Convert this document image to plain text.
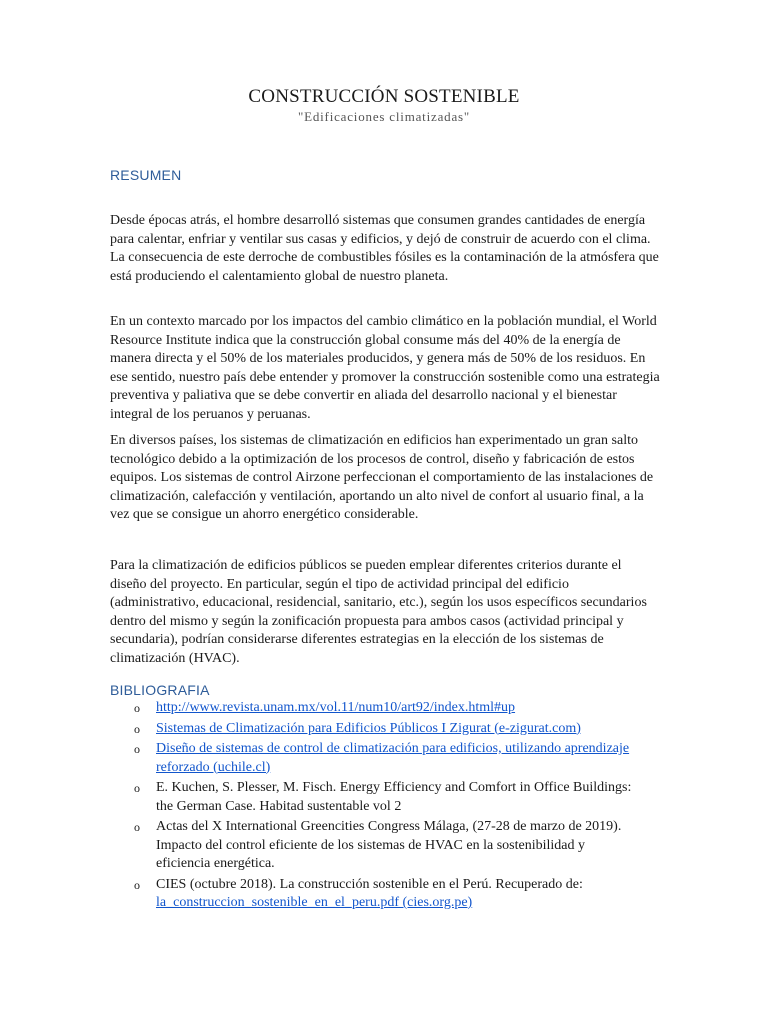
CONSTRUCCIÓN SOSTENIBLE
"Edificaciones climatizadas"
RESUMEN

Desde épocas atrás, el hombre desarrolló sistemas que consumen grandes cantidades de energía para calentar, enfriar y ventilar sus casas y edificios, y dejó de construir de acuerdo con el clima. La consecuencia de este derroche de combustibles fósiles es la contaminación de la atmósfera que está produciendo el calentamiento global de nuestro planeta.

En un contexto marcado por los impactos del cambio climático en la población mundial, el World Resource Institute indica que la construcción global consume más del 40% de la energía de manera directa y el 50% de los materiales producidos, y genera más de 50% de los residuos. En ese sentido, nuestro país debe entender y promover la construcción sostenible como una estrategia preventiva y paliativa que se debe convertir en aliada del desarrollo nacional y el bienestar integral de los peruanos y peruanas.

En diversos países, los sistemas de climatización en edificios han experimentado un gran salto tecnológico debido a la optimización de los procesos de control, diseño y fabricación de estos equipos. Los sistemas de control Airzone perfeccionan el comportamiento de las instalaciones de climatización, calefacción y ventilación, aportando un alto nivel de confort al usuario final, a la vez que se consigue un ahorro energético considerable.

Para la climatización de edificios públicos se pueden emplear diferentes criterios durante el diseño del proyecto. En particular, según el tipo de actividad principal del edificio (administrativo, educacional, residencial, sanitario, etc.), según los usos específicos secundarios dentro del mismo y según la zonificación propuesta para ambos casos (actividad principal y secundaria), podrían considerarse diferentes estrategias en la elección de los sistemas de climatización (HVAC).

BIBLIOGRAFIA
o http://www.revista.unam.mx/vol.11/num10/art92/index.html#up
o Sistemas de Climatización para Edificios Públicos I Zigurat (e-zigurat.com)
o Diseño de sistemas de control de climatización para edificios, utilizando aprendizaje reforzado (uchile.cl)
o E. Kuchen, S. Plesser, M. Fisch. Energy Efficiency and Comfort in Office Buildings: the German Case. Habitad sustentable vol 2
o Actas del X International Greencities Congress Málaga, (27-28 de marzo de 2019). Impacto del control eficiente de los sistemas de HVAC en la sostenibilidad y eficiencia energética.
o CIES (octubre 2018). La construcción sostenible en el Perú. Recuperado de:
la_construccion_sostenible_en_el_peru.pdf (cies.org.pe)
